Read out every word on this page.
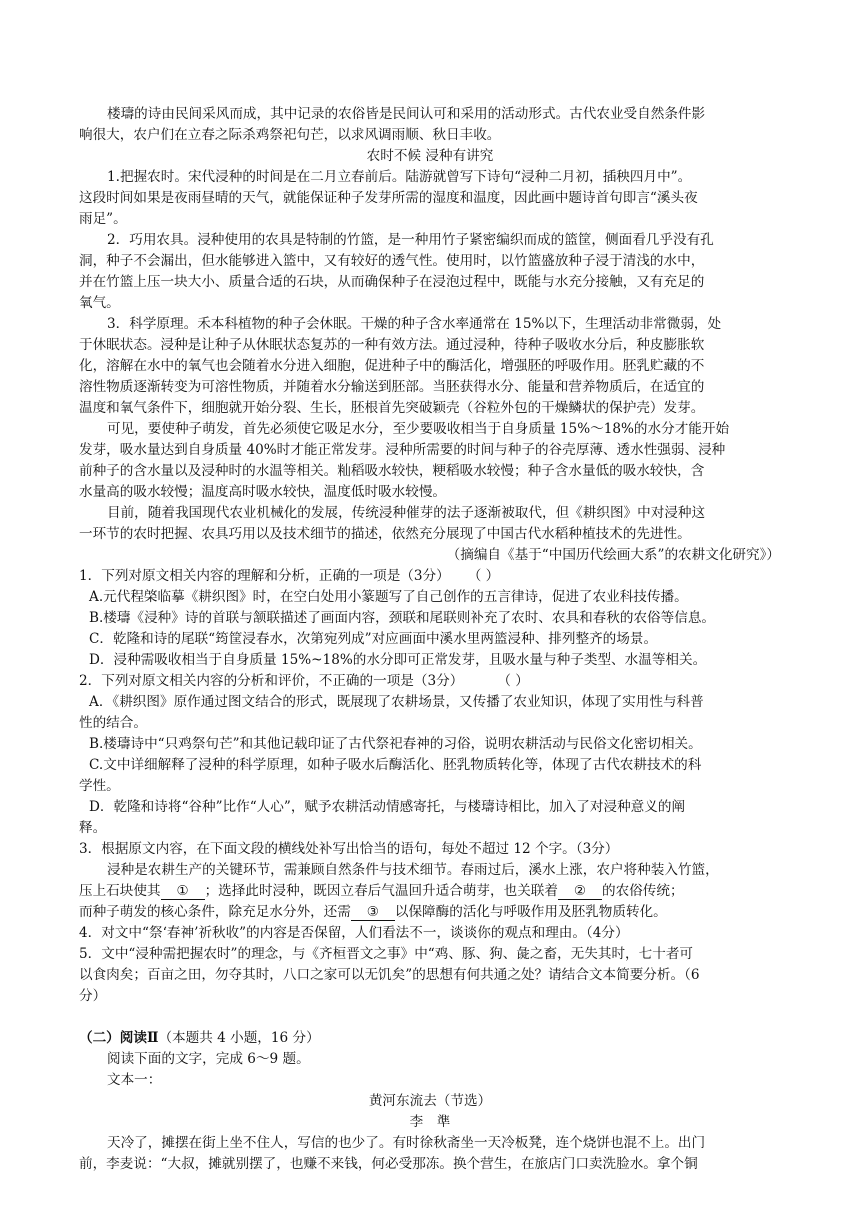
楼璹的诗由民间采风而成，其中记录的农俗皆是民间认可和采用的活动形式。古代农业受自然条件影
响很大，农户们在立春之际杀鸡祭祀句芒，以求风调雨顺、秋日丰收。
农时不候 浸种有讲究
1.把握农时。宋代浸种的时间是在二月立春前后。陆游就曾写下诗句“浸种二月初，插秧四月中”。
这段时间如果是夜雨昼晴的天气，就能保证种子发芽所需的湿度和温度，因此画中题诗首句即言“溪头夜
雨足”。
2．巧用农具。浸种使用的农具是特制的竹篮，是一种用竹子紧密编织而成的篮筐，侧面看几乎没有孔
洞，种子不会漏出，但水能够进入篮中，又有较好的透气性。使用时，以竹篮盛放种子浸于清浅的水中，
并在竹篮上压一块大小、质量合适的石块，从而确保种子在浸泡过程中，既能与水充分接触，又有充足的
氧气。
3．科学原理。禾本科植物的种子会休眠。干燥的种子含水率通常在 15%以下，生理活动非常微弱，处
于休眠状态。浸种是让种子从休眠状态复苏的一种有效方法。通过浸种，待种子吸收水分后，种皮膨胀软
化，溶解在水中的氧气也会随着水分进入细胞，促进种子中的酶活化，增强胚的呼吸作用。胚乳贮藏的不
溶性物质逐渐转变为可溶性物质，并随着水分输送到胚部。当胚获得水分、能量和营养物质后，在适宜的
温度和氧气条件下，细胞就开始分裂、生长，胚根首先突破颖壳（谷粒外包的干燥鳞状的保护壳）发芽。
可见，要使种子萌发，首先必须使它吸足水分，至少要吸收相当于自身质量 15%～18%的水分才能开始
发芽，吸水量达到自身质量 40%时才能正常发芽。浸种所需要的时间与种子的谷壳厚薄、透水性强弱、浸种
前种子的含水量以及浸种时的水温等相关。籼稻吸水较快，粳稻吸水较慢；种子含水量低的吸水较快，含
水量高的吸水较慢；温度高时吸水较快，温度低时吸水较慢。
目前，随着我国现代农业机械化的发展，传统浸种催芽的法子逐渐被取代，但《耕织图》中对浸种这
一环节的农时把握、农具巧用以及技术细节的描述，依然充分展现了中国古代水稻种植技术的先进性。
（摘编自《基于“中国历代绘画大系”的农耕文化研究》）
1．下列对原文相关内容的理解和分析，正确的一项是（3分） （ ）
A.元代程棨临摹《耕织图》时，在空白处用小篆题写了自己创作的五言律诗，促进了农业科技传播。
B.楼璹《浸种》诗的首联与颔联描述了画面内容，颈联和尾联则补充了农时、农具和春秋的农俗等信息。
C．乾隆和诗的尾联“筠筐浸春水，次第宛列成”对应画面中溪水里两篮浸种、排列整齐的场景。
D．浸种需吸收相当于自身质量 15%~18%的水分即可正常发芽，且吸水量与种子类型、水温等相关。
2．下列对原文相关内容的分析和评价，不正确的一项是（3分）	（ ）
A．《耕织图》原作通过图文结合的形式，既展现了农耕场景，又传播了农业知识，体现了实用性与科普
性的结合。
B.楼璹诗中“只鸡祭句芒”和其他记载印证了古代祭祀春神的习俗，说明农耕活动与民俗文化密切相关。
C.文中详细解释了浸种的科学原理，如种子吸水后酶活化、胚乳物质转化等，体现了古代农耕技术的科
学性。
D．乾隆和诗将“谷种”比作“人心”，赋予农耕活动情感寄托，与楼璹诗相比，加入了对浸种意义的阐
释。
3．根据原文内容，在下面文段的横线处补写出恰当的语句，每处不超过 12 个字。（3分）
浸种是农耕生产的关键环节，需兼顾自然条件与技术细节。春雨过后，溪水上涨，农户将种装入竹篮，
压上石块使其 ① ；选择此时浸种，既因立春后气温回升适合萌芽，也关联着 ② 的农俗传统；
而种子萌发的核心条件，除充足水分外，还需 ③ 以保障酶的活化与呼吸作用及胚乳物质转化。
4．对文中“祭‘春神’祈秋收”的内容是否保留，人们看法不一，谈谈你的观点和理由。（4分）
5．文中“浸种需把握农时”的理念，与《齐桓晋文之事》中“鸡、豚、狗、彘之畜，无失其时，七十者可
以食肉矣；百亩之田，勿夺其时，八口之家可以无饥矣”的思想有何共通之处？请结合文本简要分析。（6
分）
（二）阅读Ⅱ（本题共 4 小题，16 分）
阅读下面的文字，完成 6～9 题。
文本一：
黄河东流去（节选）
李　準
天冷了，摊摆在街上坐不住人，写信的也少了。有时徐秋斋坐一天冷板凳，连个烧饼也混不上。出门
前，李麦说：“大叔，摊就别摆了，也赚不来钱，何必受那冻。换个营生，在旅店门口卖洗脸水。拿个铜
